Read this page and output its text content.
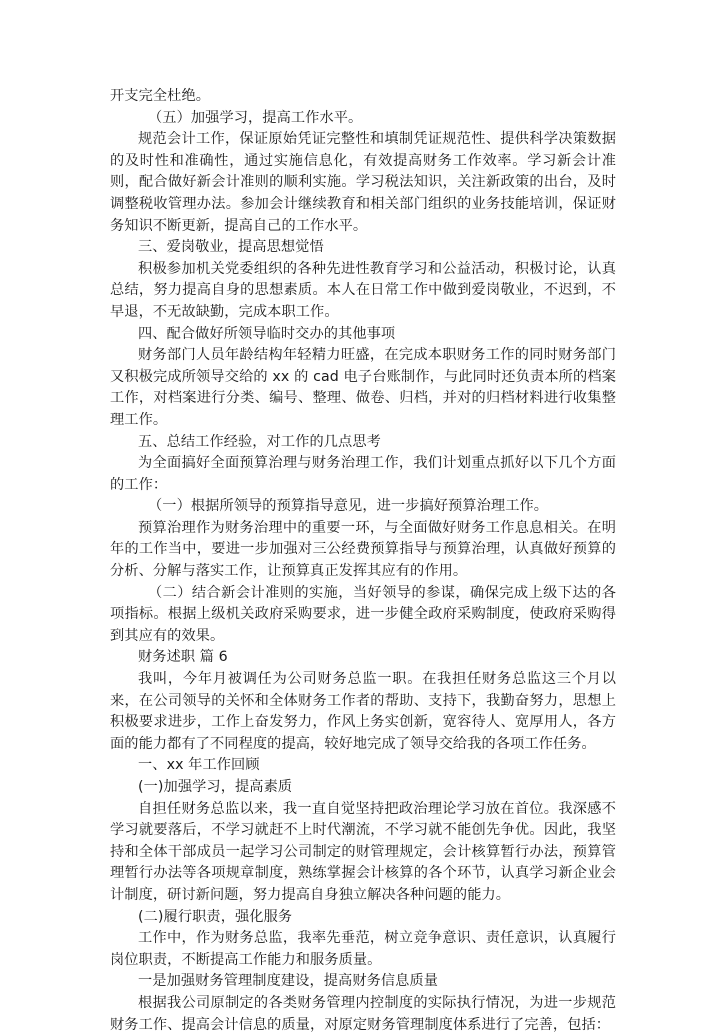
开支完全杜绝。

（五）加强学习，提高工作水平。

规范会计工作，保证原始凭证完整性和填制凭证规范性、提供科学决策数据的及时性和准确性，通过实施信息化，有效提高财务工作效率。学习新会计准则，配合做好新会计准则的顺利实施。学习税法知识，关注新政策的出台，及时调整税收管理办法。参加会计继续教育和相关部门组织的业务技能培训，保证财务知识不断更新，提高自己的工作水平。

三、爱岗敬业，提高思想觉悟

积极参加机关党委组织的各种先进性教育学习和公益活动，积极讨论，认真总结，努力提高自身的思想素质。本人在日常工作中做到爱岗敬业，不迟到，不早退，不无故缺勤，完成本职工作。

四、配合做好所领导临时交办的其他事项

财务部门人员年龄结构年轻精力旺盛，在完成本职财务工作的同时财务部门又积极完成所领导交给的 xx 的 cad 电子台账制作，与此同时还负责本所的档案工作，对档案进行分类、编号、整理、做卷、归档，并对的归档材料进行收集整理工作。

五、总结工作经验，对工作的几点思考

为全面搞好全面预算治理与财务治理工作，我们计划重点抓好以下几个方面的工作：

（一）根据所领导的预算指导意见，进一步搞好预算治理工作。

预算治理作为财务治理中的重要一环，与全面做好财务工作息息相关。在明年的工作当中，要进一步加强对三公经费预算指导与预算治理，认真做好预算的分析、分解与落实工作，让预算真正发挥其应有的作用。

（二）结合新会计准则的实施，当好领导的参谋，确保完成上级下达的各项指标。根据上级机关政府采购要求，进一步健全政府采购制度，使政府采购得到其应有的效果。

财务述职 篇 6

我叫，今年月被调任为公司财务总监一职。在我担任财务总监这三个月以来，在公司领导的关怀和全体财务工作者的帮助、支持下，我勤奋努力，思想上积极要求进步，工作上奋发努力，作风上务实创新，宽容待人、宽厚用人，各方面的能力都有了不同程度的提高，较好地完成了领导交给我的各项工作任务。

一、xx 年工作回顾

(一)加强学习，提高素质

自担任财务总监以来，我一直自觉坚持把政治理论学习放在首位。我深感不学习就要落后，不学习就赶不上时代潮流，不学习就不能创先争优。因此，我坚持和全体干部成员一起学习公司制定的财管理规定，会计核算暂行办法，预算管理暂行办法等各项规章制度，熟练掌握会计核算的各个环节，认真学习新企业会计制度，研讨新问题，努力提高自身独立解决各种问题的能力。

(二)履行职责，强化服务

工作中，作为财务总监，我率先垂范，树立竞争意识、责任意识，认真履行岗位职责，不断提高工作能力和服务质量。

一是加强财务管理制度建设，提高财务信息质量

根据我公司原制定的各类财务管理内控制度的实际执行情况，为进一步规范财务工作、提高会计信息的质量，对原定财务管理制度体系进行了完善，包括：
